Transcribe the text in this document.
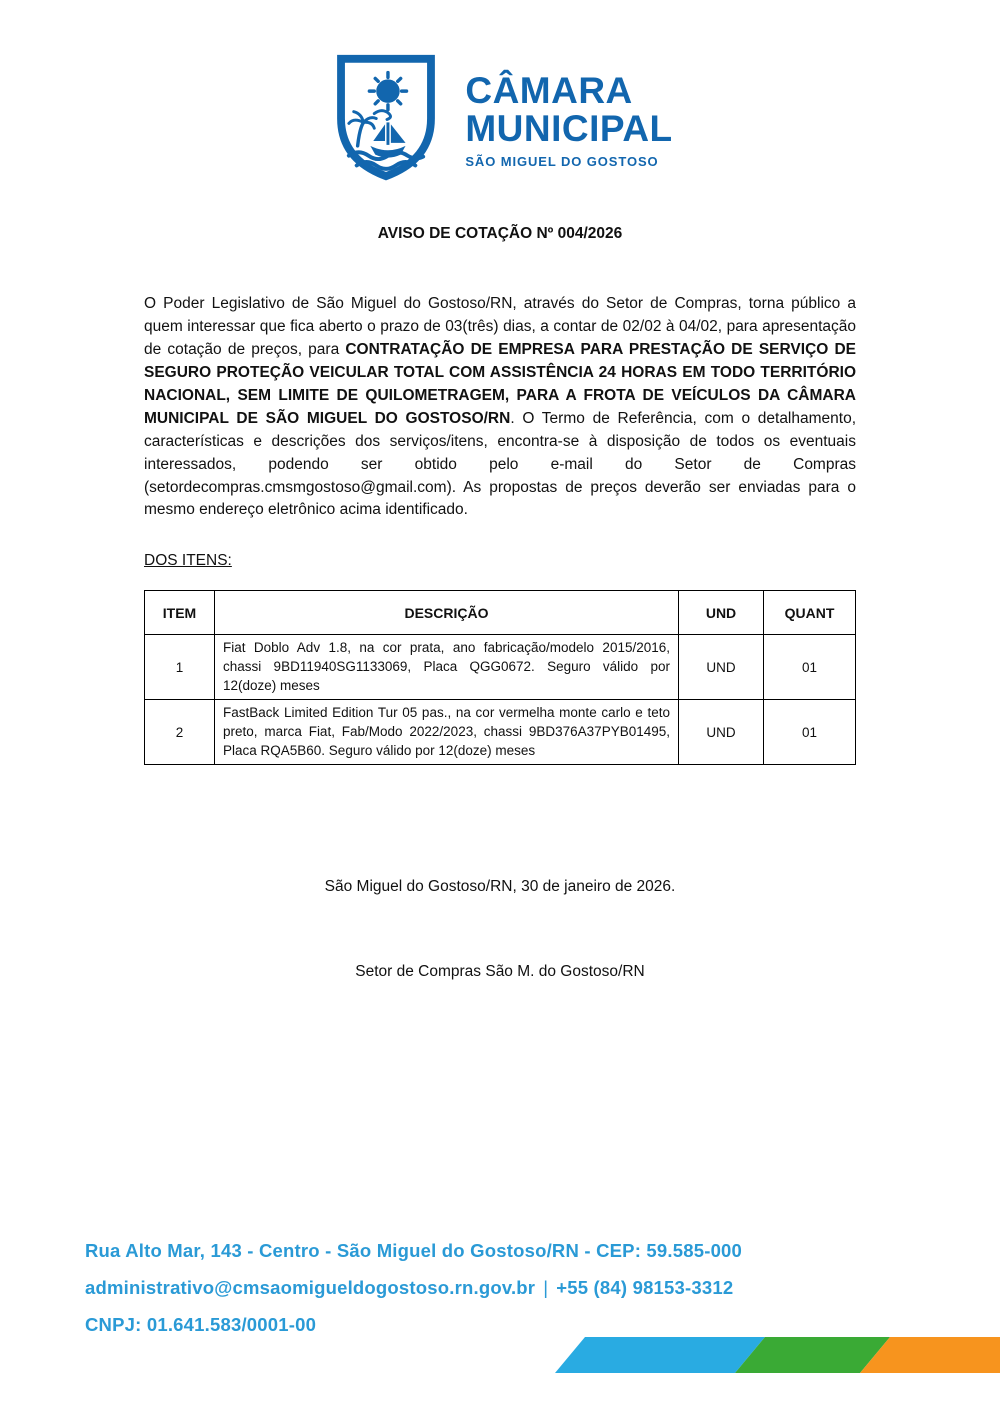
CÂMARA
MUNICIPAL
SÃO MIGUEL DO GOSTOSO
AVISO DE COTAÇÃO Nº 004/2026

O Poder Legislativo de São Miguel do Gostoso/RN, através do Setor de Compras, torna público a quem interessar que fica aberto o prazo de 03(três) dias, a contar de 02/02 à 04/02, para apresentação de cotação de preços, para CONTRATAÇÃO DE EMPRESA PARA PRESTAÇÃO DE SERVIÇO DE SEGURO PROTEÇÃO VEICULAR TOTAL COM ASSISTÊNCIA 24 HORAS EM TODO TERRITÓRIO NACIONAL, SEM LIMITE DE QUILOMETRAGEM, PARA A FROTA DE VEÍCULOS DA CÂMARA MUNICIPAL DE SÃO MIGUEL DO GOSTOSO/RN. O Termo de Referência, com o detalhamento, características e descrições dos serviços/itens, encontra-se à disposição de todos os eventuais interessados, podendo ser obtido pelo e-mail do Setor de Compras (setordecompras.cmsmgostoso@gmail.com). As propostas de preços deverão ser enviadas para o mesmo endereço eletrônico acima identificado.

DOS ITENS:
ITEM	DESCRIÇÃO	UND	QUANT
1	Fiat Doblo Adv 1.8, na cor prata, ano fabricação/modelo 2015/2016, chassi 9BD11940SG1133069, Placa QGG0672. Seguro válido por 12(doze) meses	UND	01
2	FastBack Limited Edition Tur 05 pas., na cor vermelha monte carlo e teto preto, marca Fiat, Fab/Modo 2022/2023, chassi 9BD376A37PYB01495, Placa RQA5B60. Seguro válido por 12(doze) meses	UND	01
São Miguel do Gostoso/RN, 30 de janeiro de 2026.
Setor de Compras São M. do Gostoso/RN
Rua Alto Mar, 143 - Centro - São Miguel do Gostoso/RN - CEP: 59.585-000
administrativo@cmsaomigueldogostoso.rn.gov.br | +55 (84) 98153-3312
CNPJ: 01.641.583/0001-00
